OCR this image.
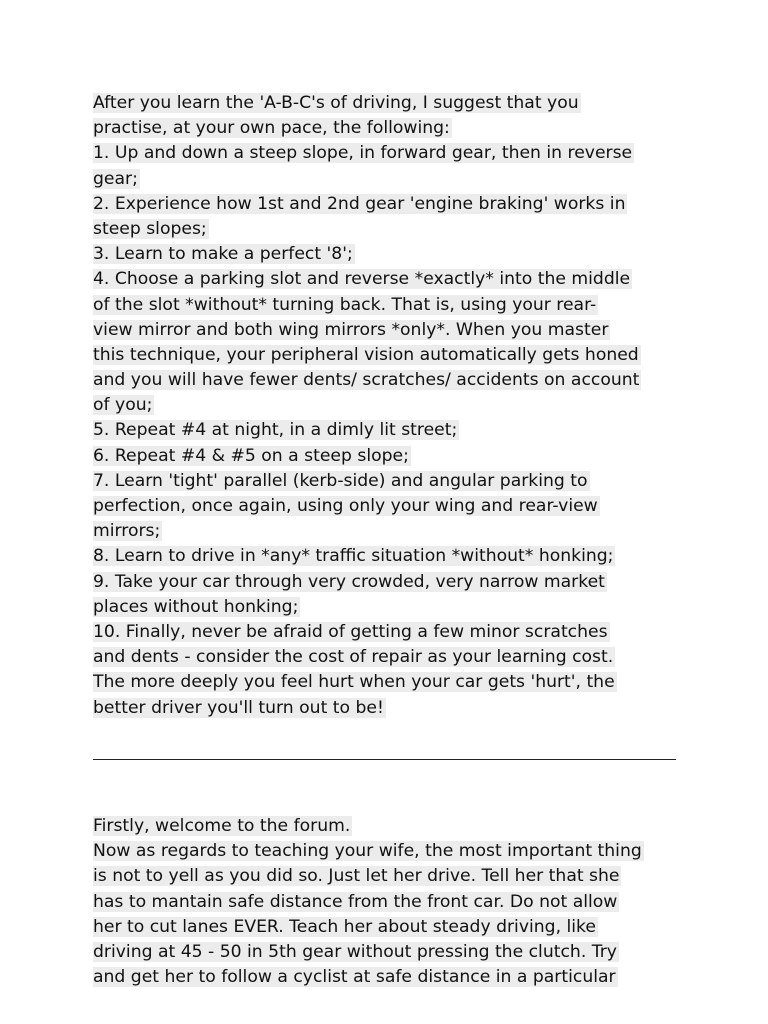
After you learn the 'A-B-C's of driving, I suggest that you
practise, at your own pace, the following:
1. Up and down a steep slope, in forward gear, then in reverse
gear;
2. Experience how 1st and 2nd gear 'engine braking' works in
steep slopes;
3. Learn to make a perfect '8';
4. Choose a parking slot and reverse *exactly* into the middle
of the slot *without* turning back. That is, using your rear-
view mirror and both wing mirrors *only*. When you master
this technique, your peripheral vision automatically gets honed
and you will have fewer dents/ scratches/ accidents on account
of you;
5. Repeat #4 at night, in a dimly lit street;
6. Repeat #4 & #5 on a steep slope;
7. Learn 'tight' parallel (kerb-side) and angular parking to
perfection, once again, using only your wing and rear-view
mirrors;
8. Learn to drive in *any* traffic situation *without* honking;
9. Take your car through very crowded, very narrow market
places without honking;
10. Finally, never be afraid of getting a few minor scratches
and dents - consider the cost of repair as your learning cost.
The more deeply you feel hurt when your car gets 'hurt', the
better driver you'll turn out to be!
Firstly, welcome to the forum.
Now as regards to teaching your wife, the most important thing
is not to yell as you did so. Just let her drive. Tell her that she
has to mantain safe distance from the front car. Do not allow
her to cut lanes EVER. Teach her about steady driving, like
driving at 45 - 50 in 5th gear without pressing the clutch. Try
and get her to follow a cyclist at safe distance in a particular
